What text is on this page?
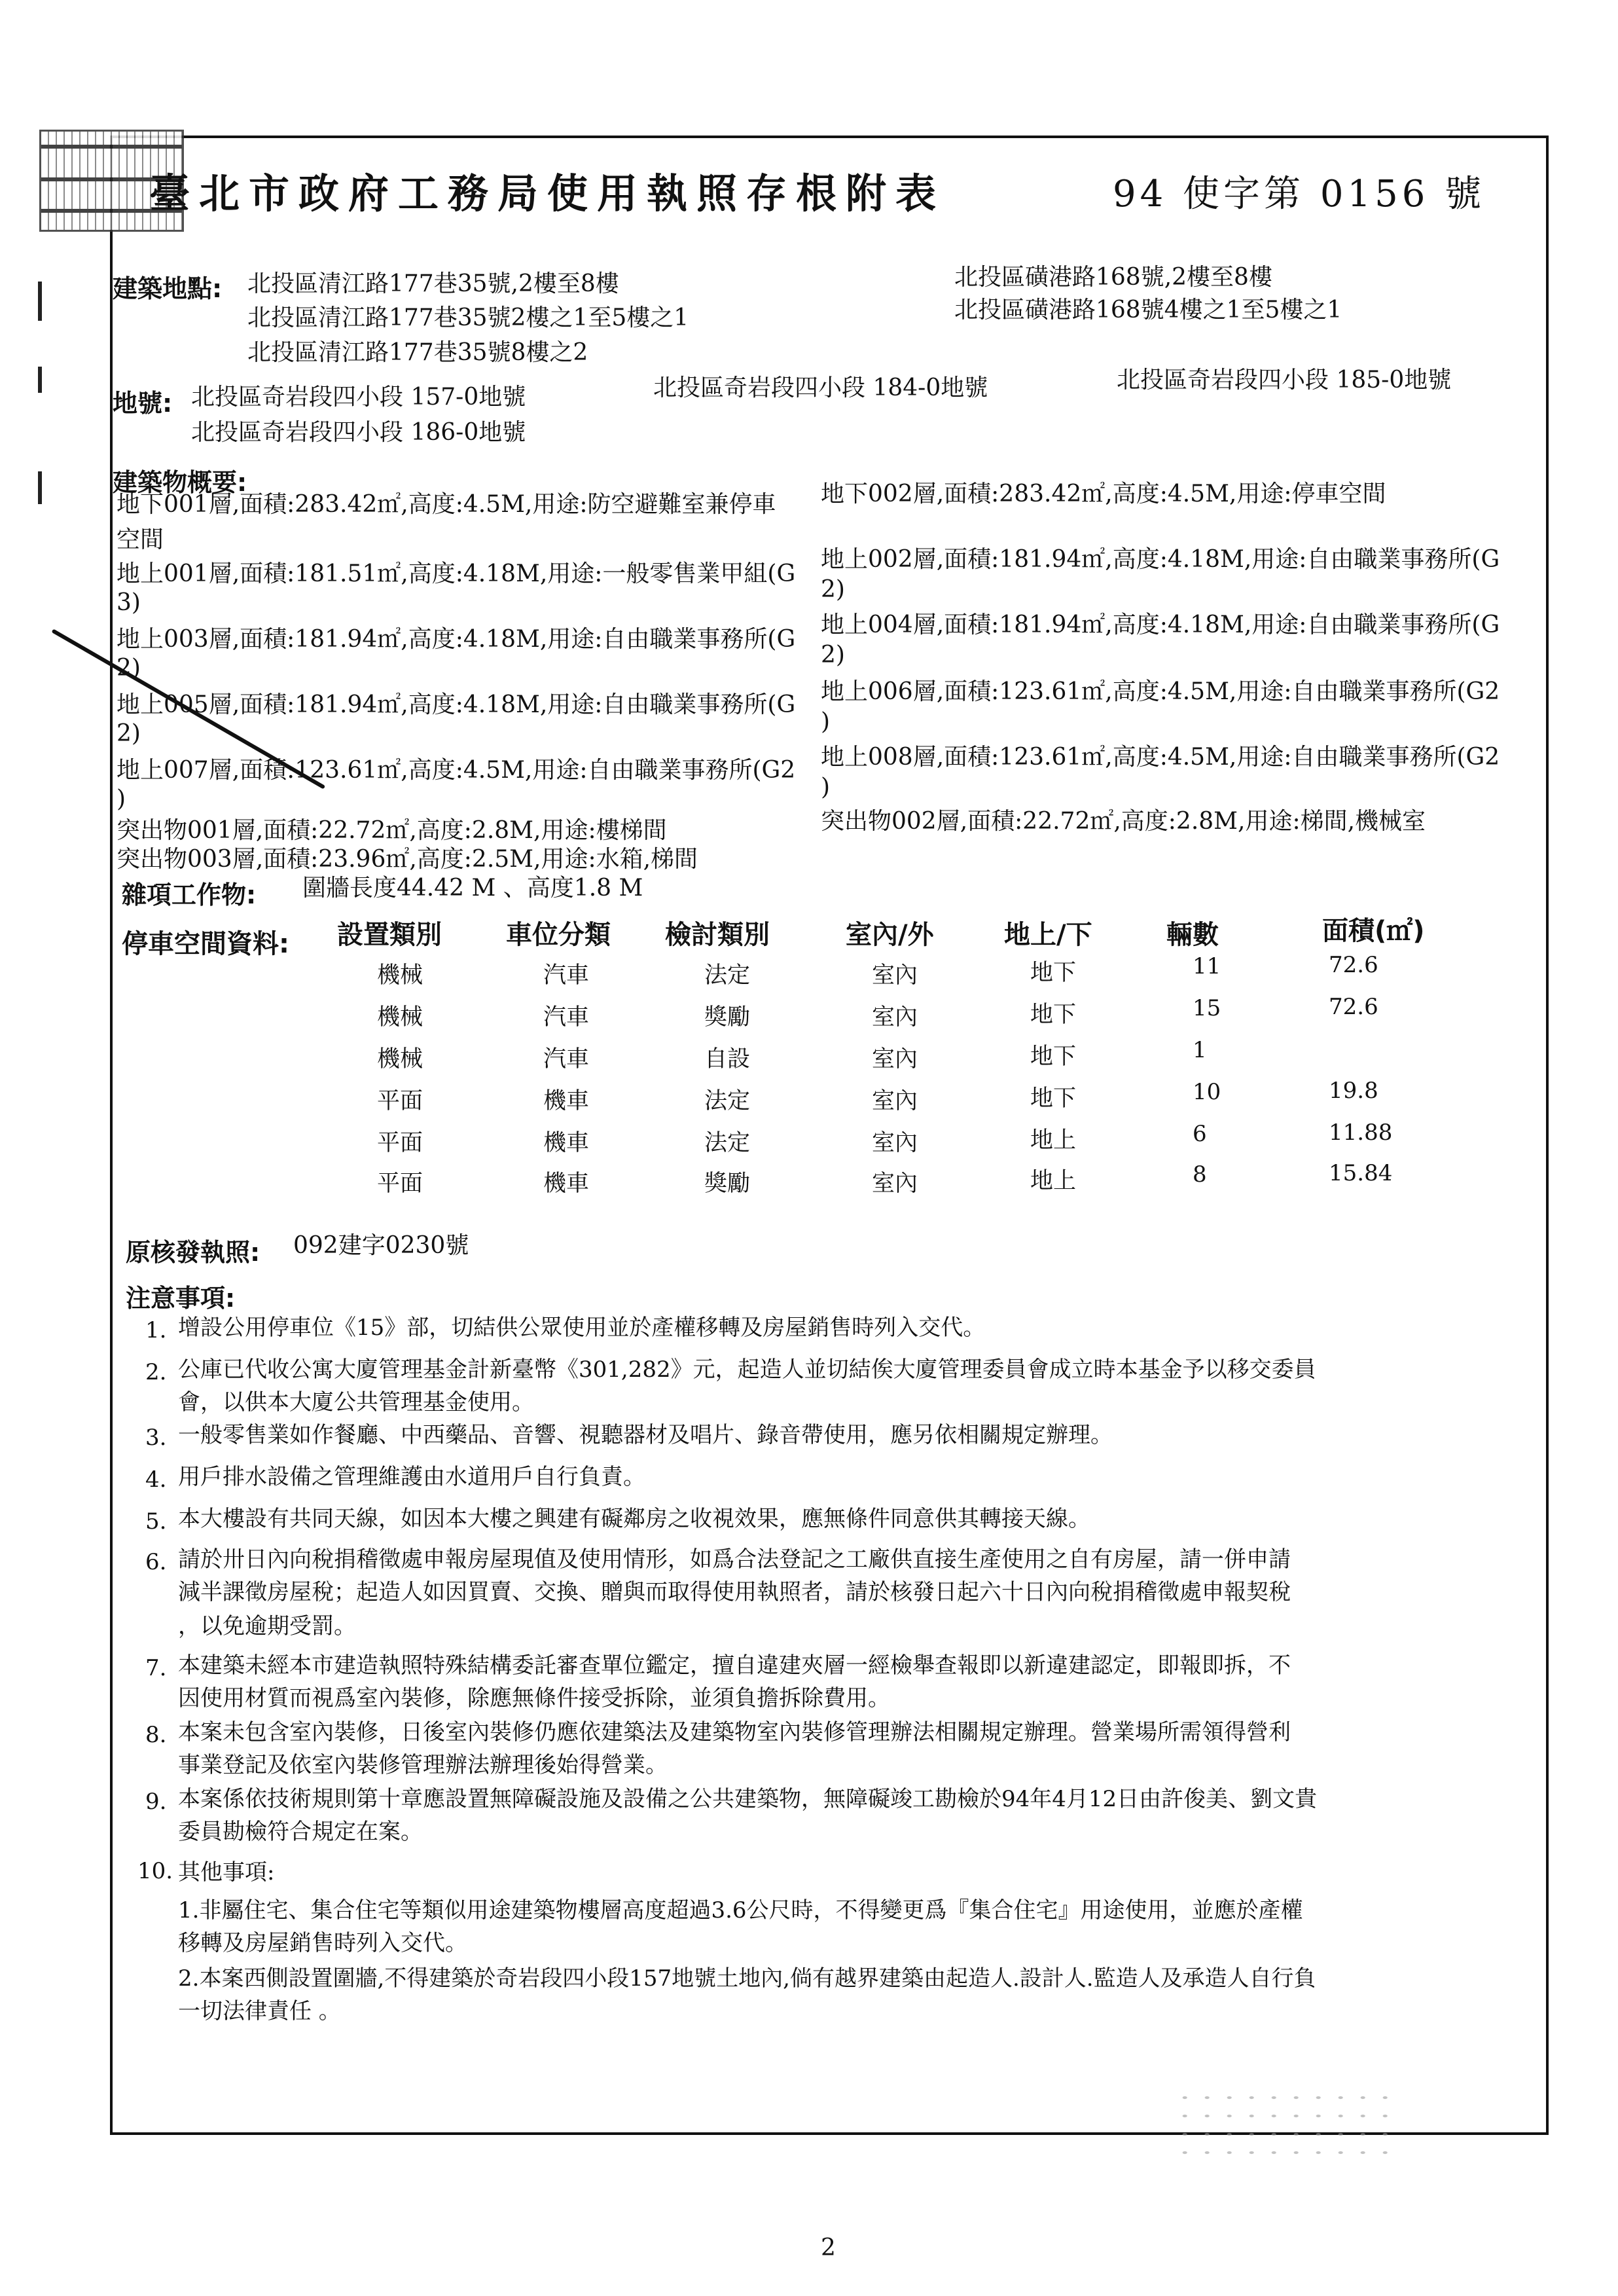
臺北市政府工務局使用執照存根附表	94 使字第 0156 號
建築地點: 北投區清江路177巷35號,2樓至8樓
北投區清江路177巷35號2樓之1至5樓之1
北投區清江路177巷35號8樓之2
北投區磺港路168號,2樓至8樓
北投區磺港路168號4樓之1至5樓之1
地號: 北投區奇岩段四小段 157-0地號	北投區奇岩段四小段 184-0地號	北投區奇岩段四小段 185-0地號
北投區奇岩段四小段 186-0地號
建築物概要:
地下001層,面積:283.42㎡,高度:4.5M,用途:防空避難室兼停車
空間
地下002層,面積:283.42㎡,高度:4.5M,用途:停車空間
地上001層,面積:181.51㎡,高度:4.18M,用途:一般零售業甲組(G
3)
地上002層,面積:181.94㎡,高度:4.18M,用途:自由職業事務所(G
2)
地上003層,面積:181.94㎡,高度:4.18M,用途:自由職業事務所(G
2)
地上004層,面積:181.94㎡,高度:4.18M,用途:自由職業事務所(G
2)
地上005層,面積:181.94㎡,高度:4.18M,用途:自由職業事務所(G
2)
地上006層,面積:123.61㎡,高度:4.5M,用途:自由職業事務所(G2
)
地上007層,面積:123.61㎡,高度:4.5M,用途:自由職業事務所(G2
)
地上008層,面積:123.61㎡,高度:4.5M,用途:自由職業事務所(G2
)
突出物001層,面積:22.72㎡,高度:2.8M,用途:樓梯間	突出物002層,面積:22.72㎡,高度:2.8M,用途:梯間,機械室
突出物003層,面積:23.96㎡,高度:2.5M,用途:水箱,梯間
雜項工作物: 圍牆長度44.42 M 、高度1.8 M
停車空間資料: 設置類別 車位分類 檢討類別	室內/外	地上/下	輛數	面積(㎡)
機械	汽車	法定	室內	地下	11	72.6
機械	汽車	獎勵	室內	地下	15	72.6
機械	汽車	自設	室內	地下	1
平面	機車	法定	室內	地下	10	19.8
平面	機車	法定	室內	地上	6	11.88
平面	機車	獎勵	室內	地上	8	15.84
原核發執照: 092建字0230號
注意事項:
1. 增設公用停車位《15》部，切結供公眾使用並於產權移轉及房屋銷售時列入交代。
2. 公庫已代收公寓大廈管理基金計新臺幣《301,282》元，起造人並切結俟大廈管理委員會成立時本基金予以移交委員
會，以供本大廈公共管理基金使用。
3. 一般零售業如作餐廳、中西藥品、音響、視聽器材及唱片、錄音帶使用，應另依相關規定辦理。
4. 用戶排水設備之管理維護由水道用戶自行負責。
5. 本大樓設有共同天線，如因本大樓之興建有礙鄰房之收視效果，應無條件同意供其轉接天線。
6. 請於卅日內向稅捐稽徵處申報房屋現值及使用情形，如爲合法登記之工廠供直接生產使用之自有房屋，請一併申請
減半課徵房屋稅；起造人如因買賣、交換、贈與而取得使用執照者，請於核發日起六十日內向稅捐稽徵處申報契稅
，以免逾期受罰。
7. 本建築未經本市建造執照特殊結構委託審查單位鑑定，擅自違建夾層一經檢舉查報即以新違建認定，即報即拆，不
因使用材質而視爲室內裝修，除應無條件接受拆除，並須負擔拆除費用。
8. 本案未包含室內裝修，日後室內裝修仍應依建築法及建築物室內裝修管理辦法相關規定辦理。營業場所需領得營利
事業登記及依室內裝修管理辦法辦理後始得營業。
9. 本案係依技術規則第十章應設置無障礙設施及設備之公共建築物，無障礙竣工勘檢於94年4月12日由許俊美、劉文貴
委員勘檢符合規定在案。
10. 其他事項:
1.非屬住宅、集合住宅等類似用途建築物樓層高度超過3.6公尺時，不得變更爲『集合住宅』用途使用，並應於產權
移轉及房屋銷售時列入交代。
2.本案西側設置圍牆,不得建築於奇岩段四小段157地號土地內,倘有越界建築由起造人.設計人.監造人及承造人自行負
一切法律責任 。
2
